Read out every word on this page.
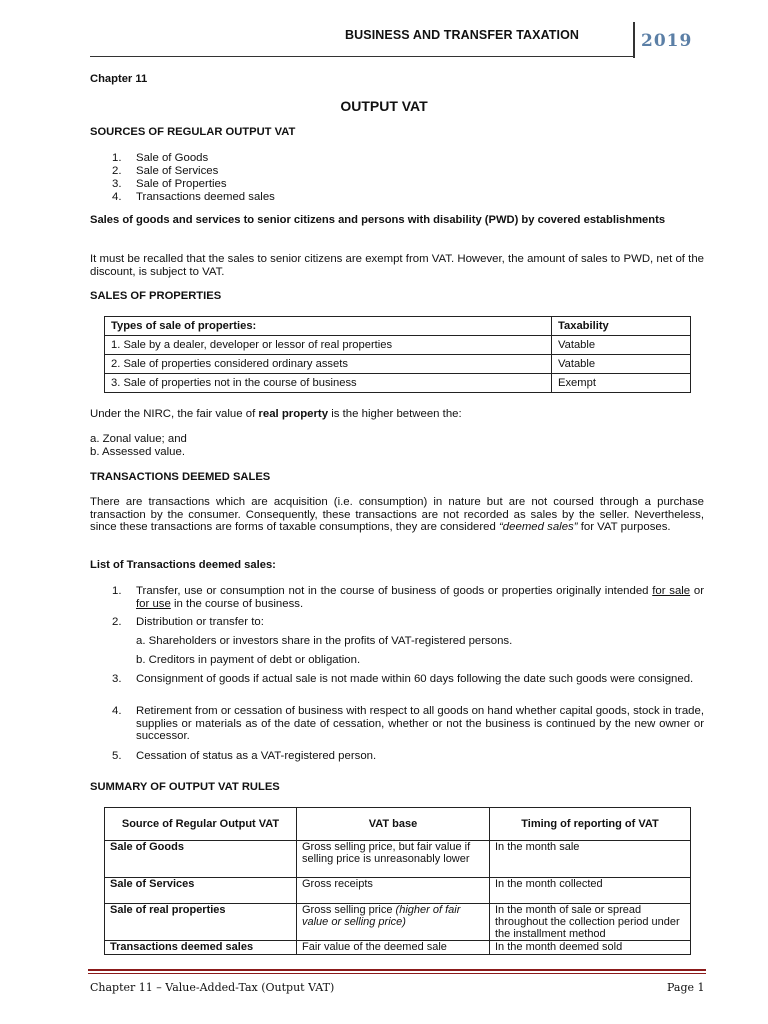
BUSINESS AND TRANSFER TAXATION	2019
Chapter 11
OUTPUT VAT
SOURCES OF REGULAR OUTPUT VAT
1. Sale of Goods
2. Sale of Services
3. Sale of Properties
4. Transactions deemed sales
Sales of goods and services to senior citizens and persons with disability (PWD) by covered establishments
It must be recalled that the sales to senior citizens are exempt from VAT. However, the amount of sales to PWD, net of the discount, is subject to VAT.
SALES OF PROPERTIES
Types of sale of properties:	Taxability
1. Sale by a dealer, developer or lessor of real properties	Vatable
2. Sale of properties considered ordinary assets	Vatable
3. Sale of properties not in the course of business	Exempt
Under the NIRC, the fair value of real property is the higher between the:
a. Zonal value; and
b. Assessed value.
TRANSACTIONS DEEMED SALES
There are transactions which are acquisition (i.e. consumption) in nature but are not coursed through a purchase transaction by the consumer. Consequently, these transactions are not recorded as sales by the seller. Nevertheless, since these transactions are forms of taxable consumptions, they are considered “deemed sales” for VAT purposes.
List of Transactions deemed sales:
1. Transfer, use or consumption not in the course of business of goods or properties originally intended for sale or for use in the course of business.
2. Distribution or transfer to:
a. Shareholders or investors share in the profits of VAT-registered persons.
b. Creditors in payment of debt or obligation.
3. Consignment of goods if actual sale is not made within 60 days following the date such goods were consigned.
4. Retirement from or cessation of business with respect to all goods on hand whether capital goods, stock in trade, supplies or materials as of the date of cessation, whether or not the business is continued by the new owner or successor.
5. Cessation of status as a VAT-registered person.
SUMMARY OF OUTPUT VAT RULES
Source of Regular Output VAT	VAT base	Timing of reporting of VAT
Sale of Goods	Gross selling price, but fair value if selling price is unreasonably lower	In the month sale
Sale of Services	Gross receipts	In the month collected
Sale of real properties	Gross selling price (higher of fair value or selling price)	In the month of sale or spread throughout the collection period under the installment method
Transactions deemed sales	Fair value of the deemed sale	In the month deemed sold
Chapter 11 – Value-Added-Tax (Output VAT)	Page 1
